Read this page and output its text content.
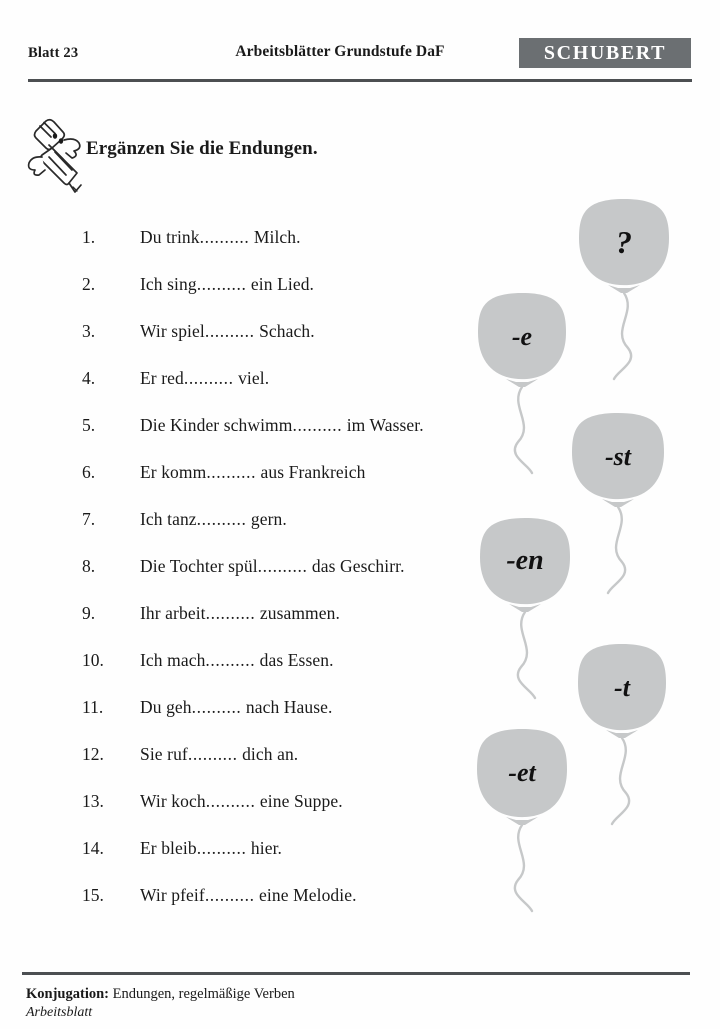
Blatt 23	Arbeitsblätter Grundstufe DaF	SCHUBERT
Ergänzen Sie die Endungen.
1.	Du trink.......... Milch.
2.	Ich sing.......... ein Lied.
3.	Wir spiel.......... Schach.
4.	Er red.......... viel.
5.	Die Kinder schwimm.......... im Wasser.
6.	Er komm.......... aus Frankreich
7.	Ich tanz.......... gern.
8.	Die Tochter spül.......... das Geschirr.
9.	Ihr arbeit.......... zusammen.
10.	Ich mach.......... das Essen.
11.	Du geh.......... nach Hause.
12.	Sie ruf.......... dich an.
13.	Wir koch.......... eine Suppe.
14.	Er bleib.......... hier.
15.	Wir pfeif.......... eine Melodie.
?
-e
-st
-en
-t
-et
Konjugation: Endungen, regelmäßige Verben
Arbeitsblatt
